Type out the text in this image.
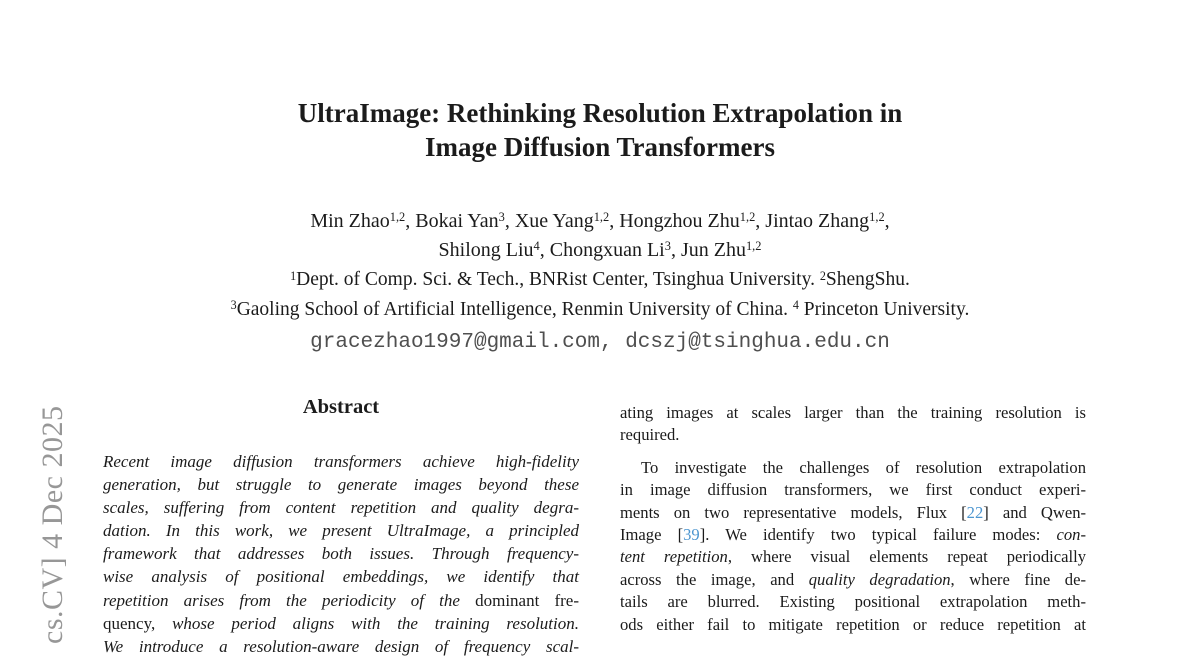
cs.CV] 4 Dec 2025
UltraImage: Rethinking Resolution Extrapolation in
Image Diffusion Transformers
Min Zhao$^{1,2}$, Bokai Yan$^3$, Xue Yang$^{1,2}$, Hongzhou Zhu$^{1,2}$, Jintao Zhang$^{1,2}$,
Shilong Liu$^4$, Chongxuan Li$^3$, Jun Zhu$^{1,2}$
$^1$Dept. of Comp. Sci. & Tech., BNRist Center, Tsinghua University. $^2$ShengShu.
$^3$Gaoling School of Artificial Intelligence, Renmin University of China. $^4$ Princeton University.
gracezhao1997@gmail.com, dcszj@tsinghua.edu.cn
Abstract
Recent image diffusion transformers achieve high-fidelity
generation, but struggle to generate images beyond these
scales, suffering from content repetition and quality degra-
dation. In this work, we present UltraImage, a principled
framework that addresses both issues. Through frequency-
wise analysis of positional embeddings, we identify that
repetition arises from the periodicity of the dominant fre-
quency, whose period aligns with the training resolution.
We introduce a resolution-aware design of frequency scal-
ating images at scales larger than the training resolution is
required.
To investigate the challenges of resolution extrapolation
in image diffusion transformers, we first conduct experi-
ments on two representative models, Flux [22] and Qwen-
Image [39]. We identify two typical failure modes: con-
tent repetition, where visual elements repeat periodically
across the image, and quality degradation, where fine de-
tails are blurred. Existing positional extrapolation meth-
ods either fail to mitigate repetition or reduce repetition at
